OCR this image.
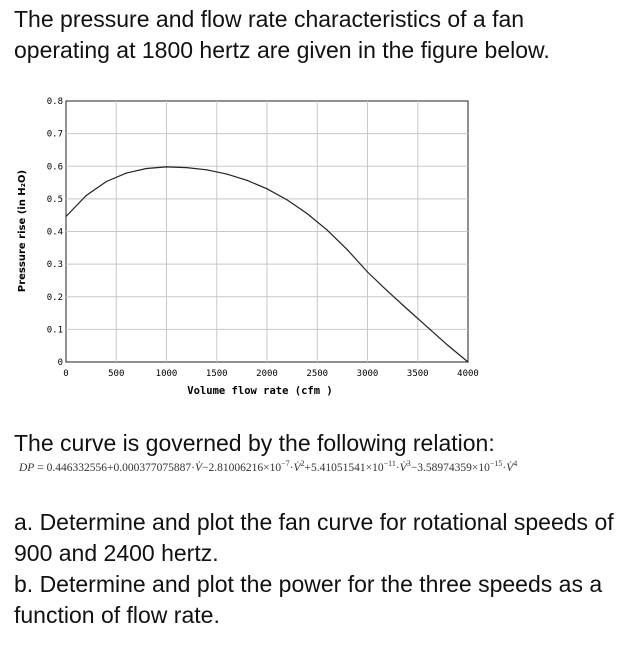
The pressure and flow rate characteristics of a fan operating at 1800 hertz are given in the figure below.

0
0.1
0.2
0.3
0.4
0.5
0.6
0.7
0.8
0	500	1000	1500	2000	2500	3000	3500	4000
Volume flow rate (cfm )
Pressure rise (in H₂O)

The curve is governed by the following relation:

DP = $0.446332556+0.000377075887\cdot V̇-2.81006216\times 10^{-7}\cdot V̇^2+5.41051541\times 10^{-11}\cdot V̇^3-3.58974359\times 10^{-15}\cdot V̇^4$

a. Determine and plot the fan curve for rotational speeds of 900 and 2400 hertz.

b. Determine and plot the power for the three speeds as a function of flow rate.
